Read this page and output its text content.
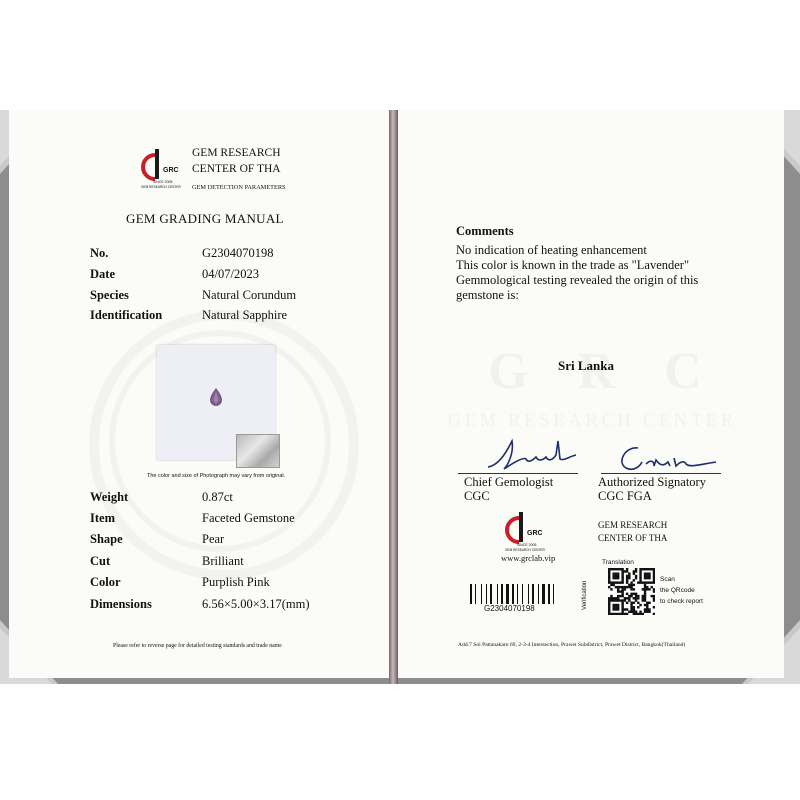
GRC
SINCE 2005
GEM RESEARCH CENTER
GEM RESEARCH
CENTER OF THA
GEM DETECTION PARAMETERS
GEM GRADING MANUAL
No.	G2304070198
Date	04/07/2023
Species	Natural Corundum
Identification	Natural Sapphire
The color and size of Photograph may vary from original.
Weight	0.87ct
Item	Faceted Gemstone
Shape	Pear
Cut	Brilliant
Color	Purplish Pink
Dimensions	6.56×5.00×3.17(mm)
Please refer to reverse page for detailed testing standards and trade name
Comments
No indication of heating enhancement
This color is known in the trade as "Lavender"
Gemmological testing revealed the origin of this
gemstone is:
Sri Lanka
Chief Gemologist
CGC
Authorized Signatory
CGC FGA
GRC
SINCE 2005
GEM RESEARCH CENTER
www.grclab.vip
GEM RESEARCH
CENTER OF THA
G2304070198
Translation
Verification
Scan
the QRcode
to check report
Add.7 Soi Pattanakarn 69, 2-3-4 Intersection, Prawet Subdistrict, Prawet District, Bangkok(Thailand)
